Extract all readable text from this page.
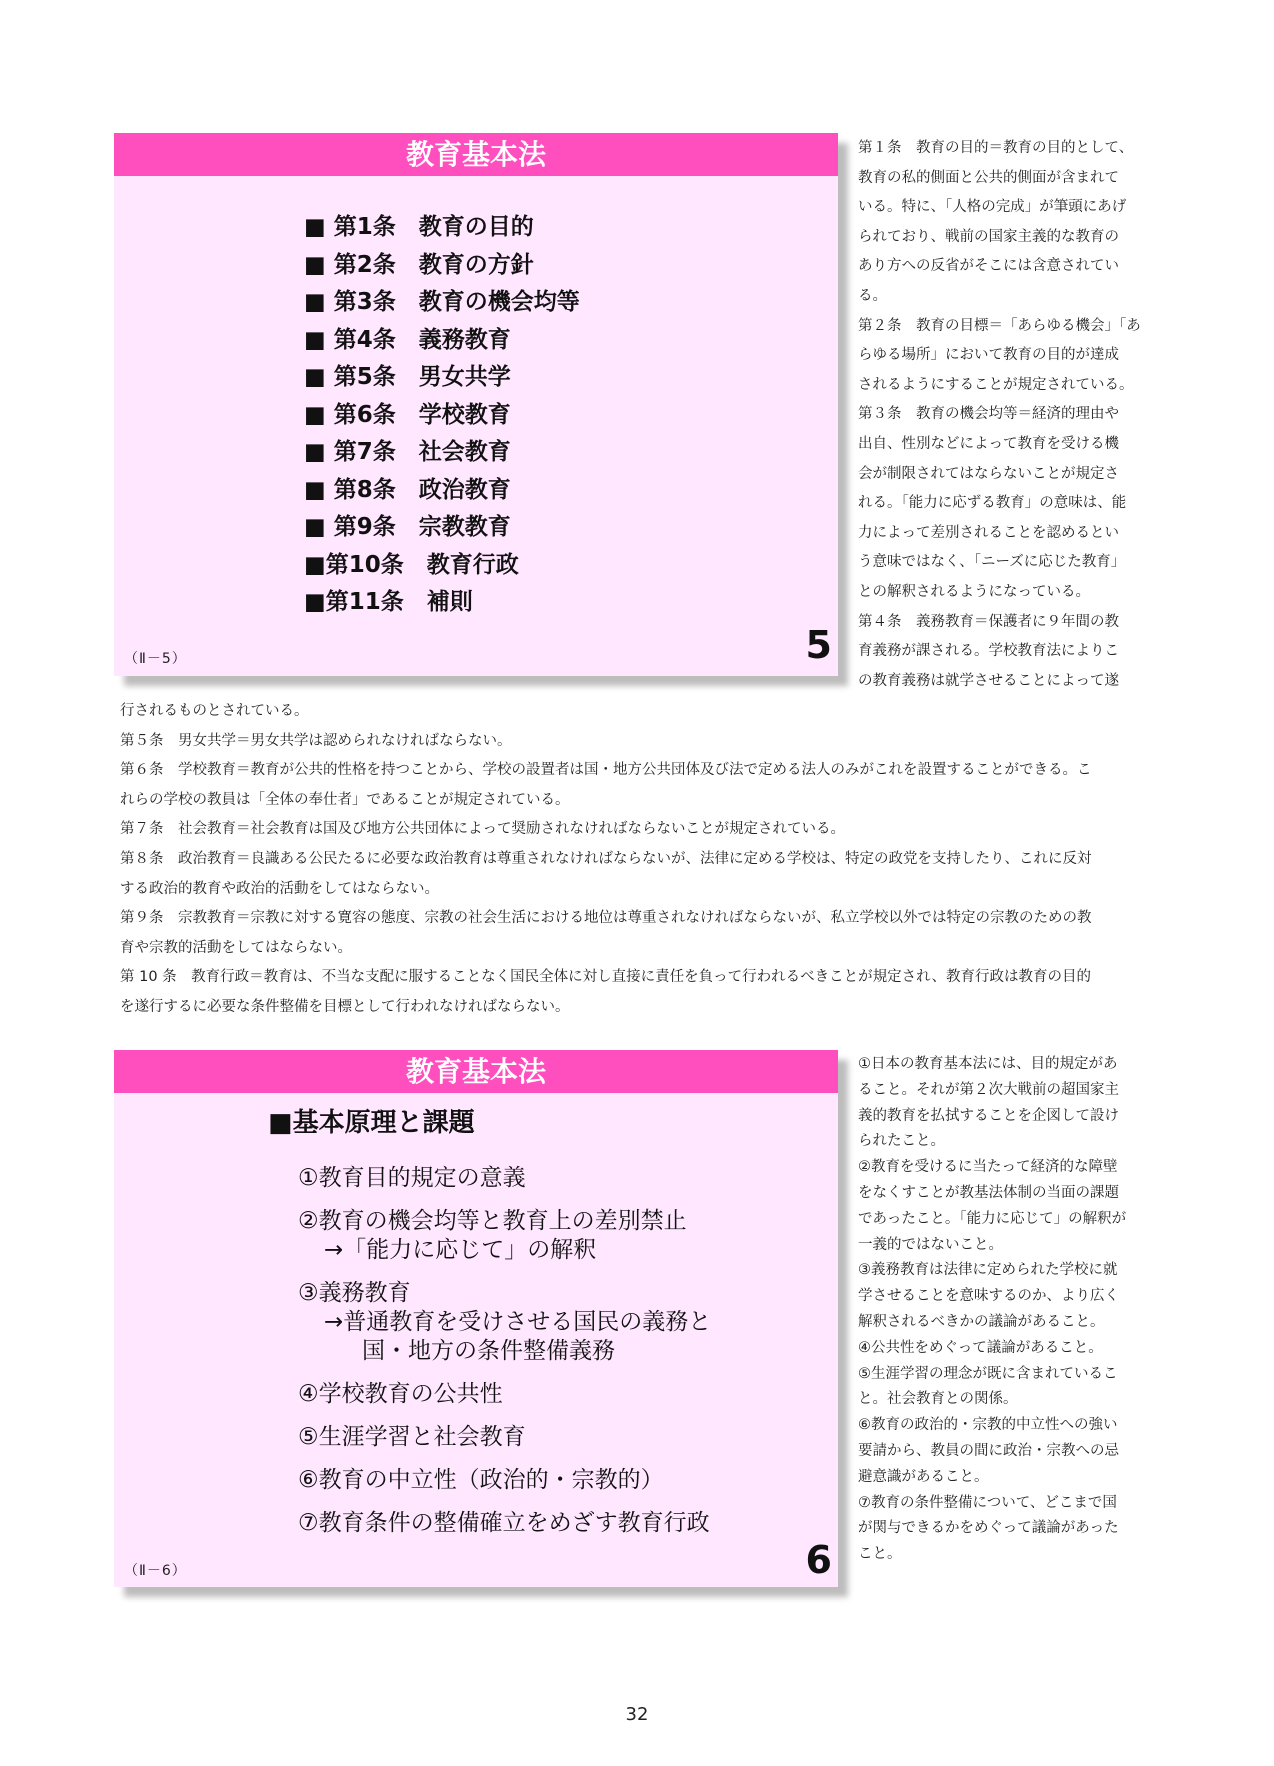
教育基本法
■ 第1条　教育の目的
■ 第2条　教育の方針
■ 第3条　教育の機会均等
■ 第4条　義務教育
■ 第5条　男女共学
■ 第6条　学校教育
■ 第7条　社会教育
■ 第8条　政治教育
■ 第9条　宗教教育
■第10条　教育行政
■第11条　補則
（Ⅱ－5）	5

第１条　教育の目的＝教育の目的として、

教育の私的側面と公共的側面が含まれて

いる。特に、「人格の完成」が筆頭にあげ

られており、戦前の国家主義的な教育の

あり方への反省がそこには含意されてい

る。

第２条　教育の目標＝「あらゆる機会」「あ

らゆる場所」において教育の目的が達成

されるようにすることが規定されている。

第３条　教育の機会均等＝経済的理由や

出自、性別などによって教育を受ける機

会が制限されてはならないことが規定さ

れる。「能力に応ずる教育」の意味は、能

力によって差別されることを認めるとい

う意味ではなく、「ニーズに応じた教育」

との解釈されるようになっている。

第４条　義務教育＝保護者に９年間の教

育義務が課される。学校教育法によりこ

の教育義務は就学させることによって遂

行されるものとされている。

第５条　男女共学＝男女共学は認められなければならない。

第６条　学校教育＝教育が公共的性格を持つことから、学校の設置者は国・地方公共団体及び法で定める法人のみがこれを設置することができる。こ

れらの学校の教員は「全体の奉仕者」であることが規定されている。

第７条　社会教育＝社会教育は国及び地方公共団体によって奨励されなければならないことが規定されている。

第８条　政治教育＝良識ある公民たるに必要な政治教育は尊重されなければならないが、法律に定める学校は、特定の政党を支持したり、これに反対

する政治的教育や政治的活動をしてはならない。

第９条　宗教教育＝宗教に対する寛容の態度、宗教の社会生活における地位は尊重されなければならないが、私立学校以外では特定の宗教のための教

育や宗教的活動をしてはならない。

第 10 条　教育行政＝教育は、不当な支配に服することなく国民全体に対し直接に責任を負って行われるべきことが規定され、教育行政は教育の目的

を遂行するに必要な条件整備を目標として行われなければならない。

教育基本法
■基本原理と課題
①教育目的規定の意義
②教育の機会均等と教育上の差別禁止
→「能力に応じて」の解釈
③義務教育
→普通教育を受けさせる国民の義務と
国・地方の条件整備義務
④学校教育の公共性
⑤生涯学習と社会教育
⑥教育の中立性（政治的・宗教的）
⑦教育条件の整備確立をめざす教育行政
（Ⅱ－6）	6

①日本の教育基本法には、目的規定があ

ること。それが第２次大戦前の超国家主

義的教育を払拭することを企図して設け

られたこと。

②教育を受けるに当たって経済的な障壁

をなくすことが教基法体制の当面の課題

であったこと。「能力に応じて」の解釈が

一義的ではないこと。

③義務教育は法律に定められた学校に就

学させることを意味するのか、より広く

解釈されるべきかの議論があること。

④公共性をめぐって議論があること。

⑤生涯学習の理念が既に含まれているこ

と。社会教育との関係。

⑥教育の政治的・宗教的中立性への強い

要請から、教員の間に政治・宗教への忌

避意識があること。

⑦教育の条件整備について、どこまで国

が関与できるかをめぐって議論があった

こと。

32
